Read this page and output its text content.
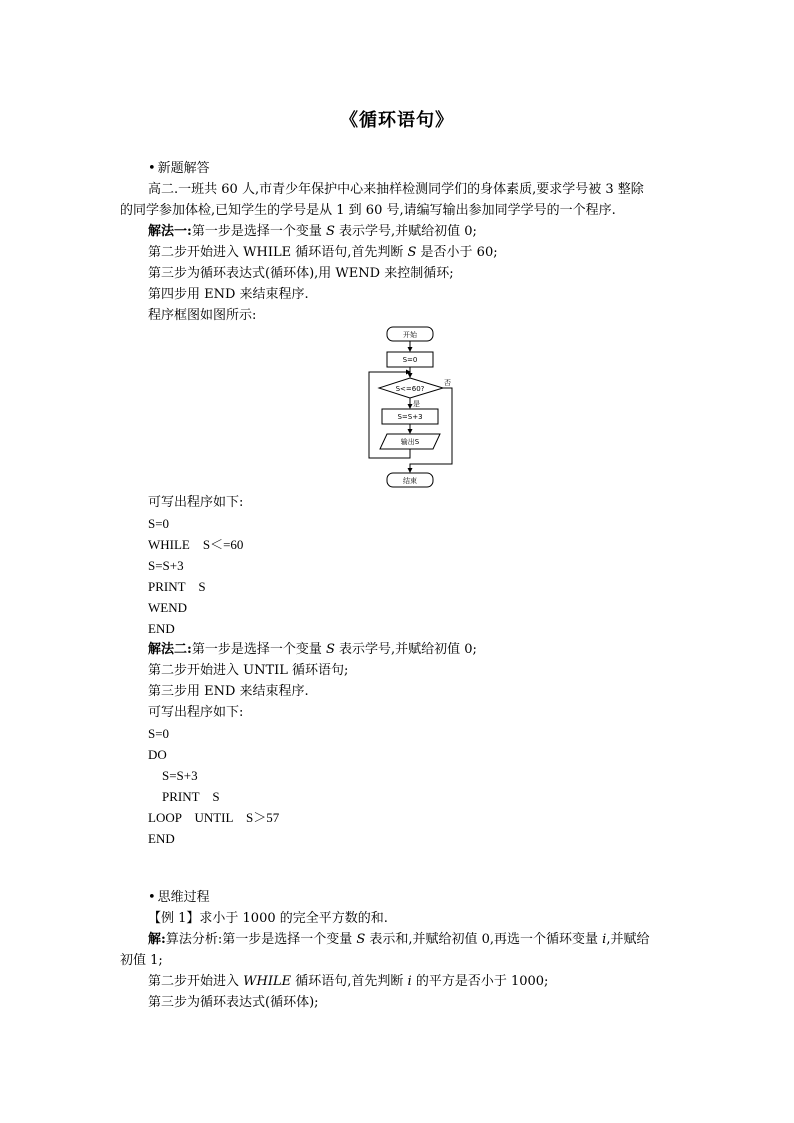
《循环语句》
• 新题解答
高二.一班共 60 人,市青少年保护中心来抽样检测同学们的身体素质,要求学号被 3 整除
的同学参加体检,已知学生的学号是从 1 到 60 号,请编写输出参加同学学号的一个程序.
解法一:第一步是选择一个变量 S 表示学号,并赋给初值 0;
第二步开始进入 WHILE 循环语句,首先判断 S 是否小于 60;
第三步为循环表达式(循环体),用 WEND 来控制循环;
第四步用 END 来结束程序.
程序框图如图所示:
开始
S=0
S<=60?
否
是
S=S+3
输出S
结束
可写出程序如下:
S=0
WHILE    S＜=60
S=S+3
PRINT    S
WEND
END
解法二:第一步是选择一个变量 S 表示学号,并赋给初值 0;
第二步开始进入 UNTIL 循环语句;
第三步用 END 来结束程序.
可写出程序如下:
S=0
DO
S=S+3
PRINT    S
LOOP    UNTIL    S＞57
END
• 思维过程
【例 1】求小于 1000 的完全平方数的和.
解:算法分析:第一步是选择一个变量 S 表示和,并赋给初值 0,再选一个循环变量 i,并赋给
初值 1;
第二步开始进入 WHILE 循环语句,首先判断 i 的平方是否小于 1000;
第三步为循环表达式(循环体);
